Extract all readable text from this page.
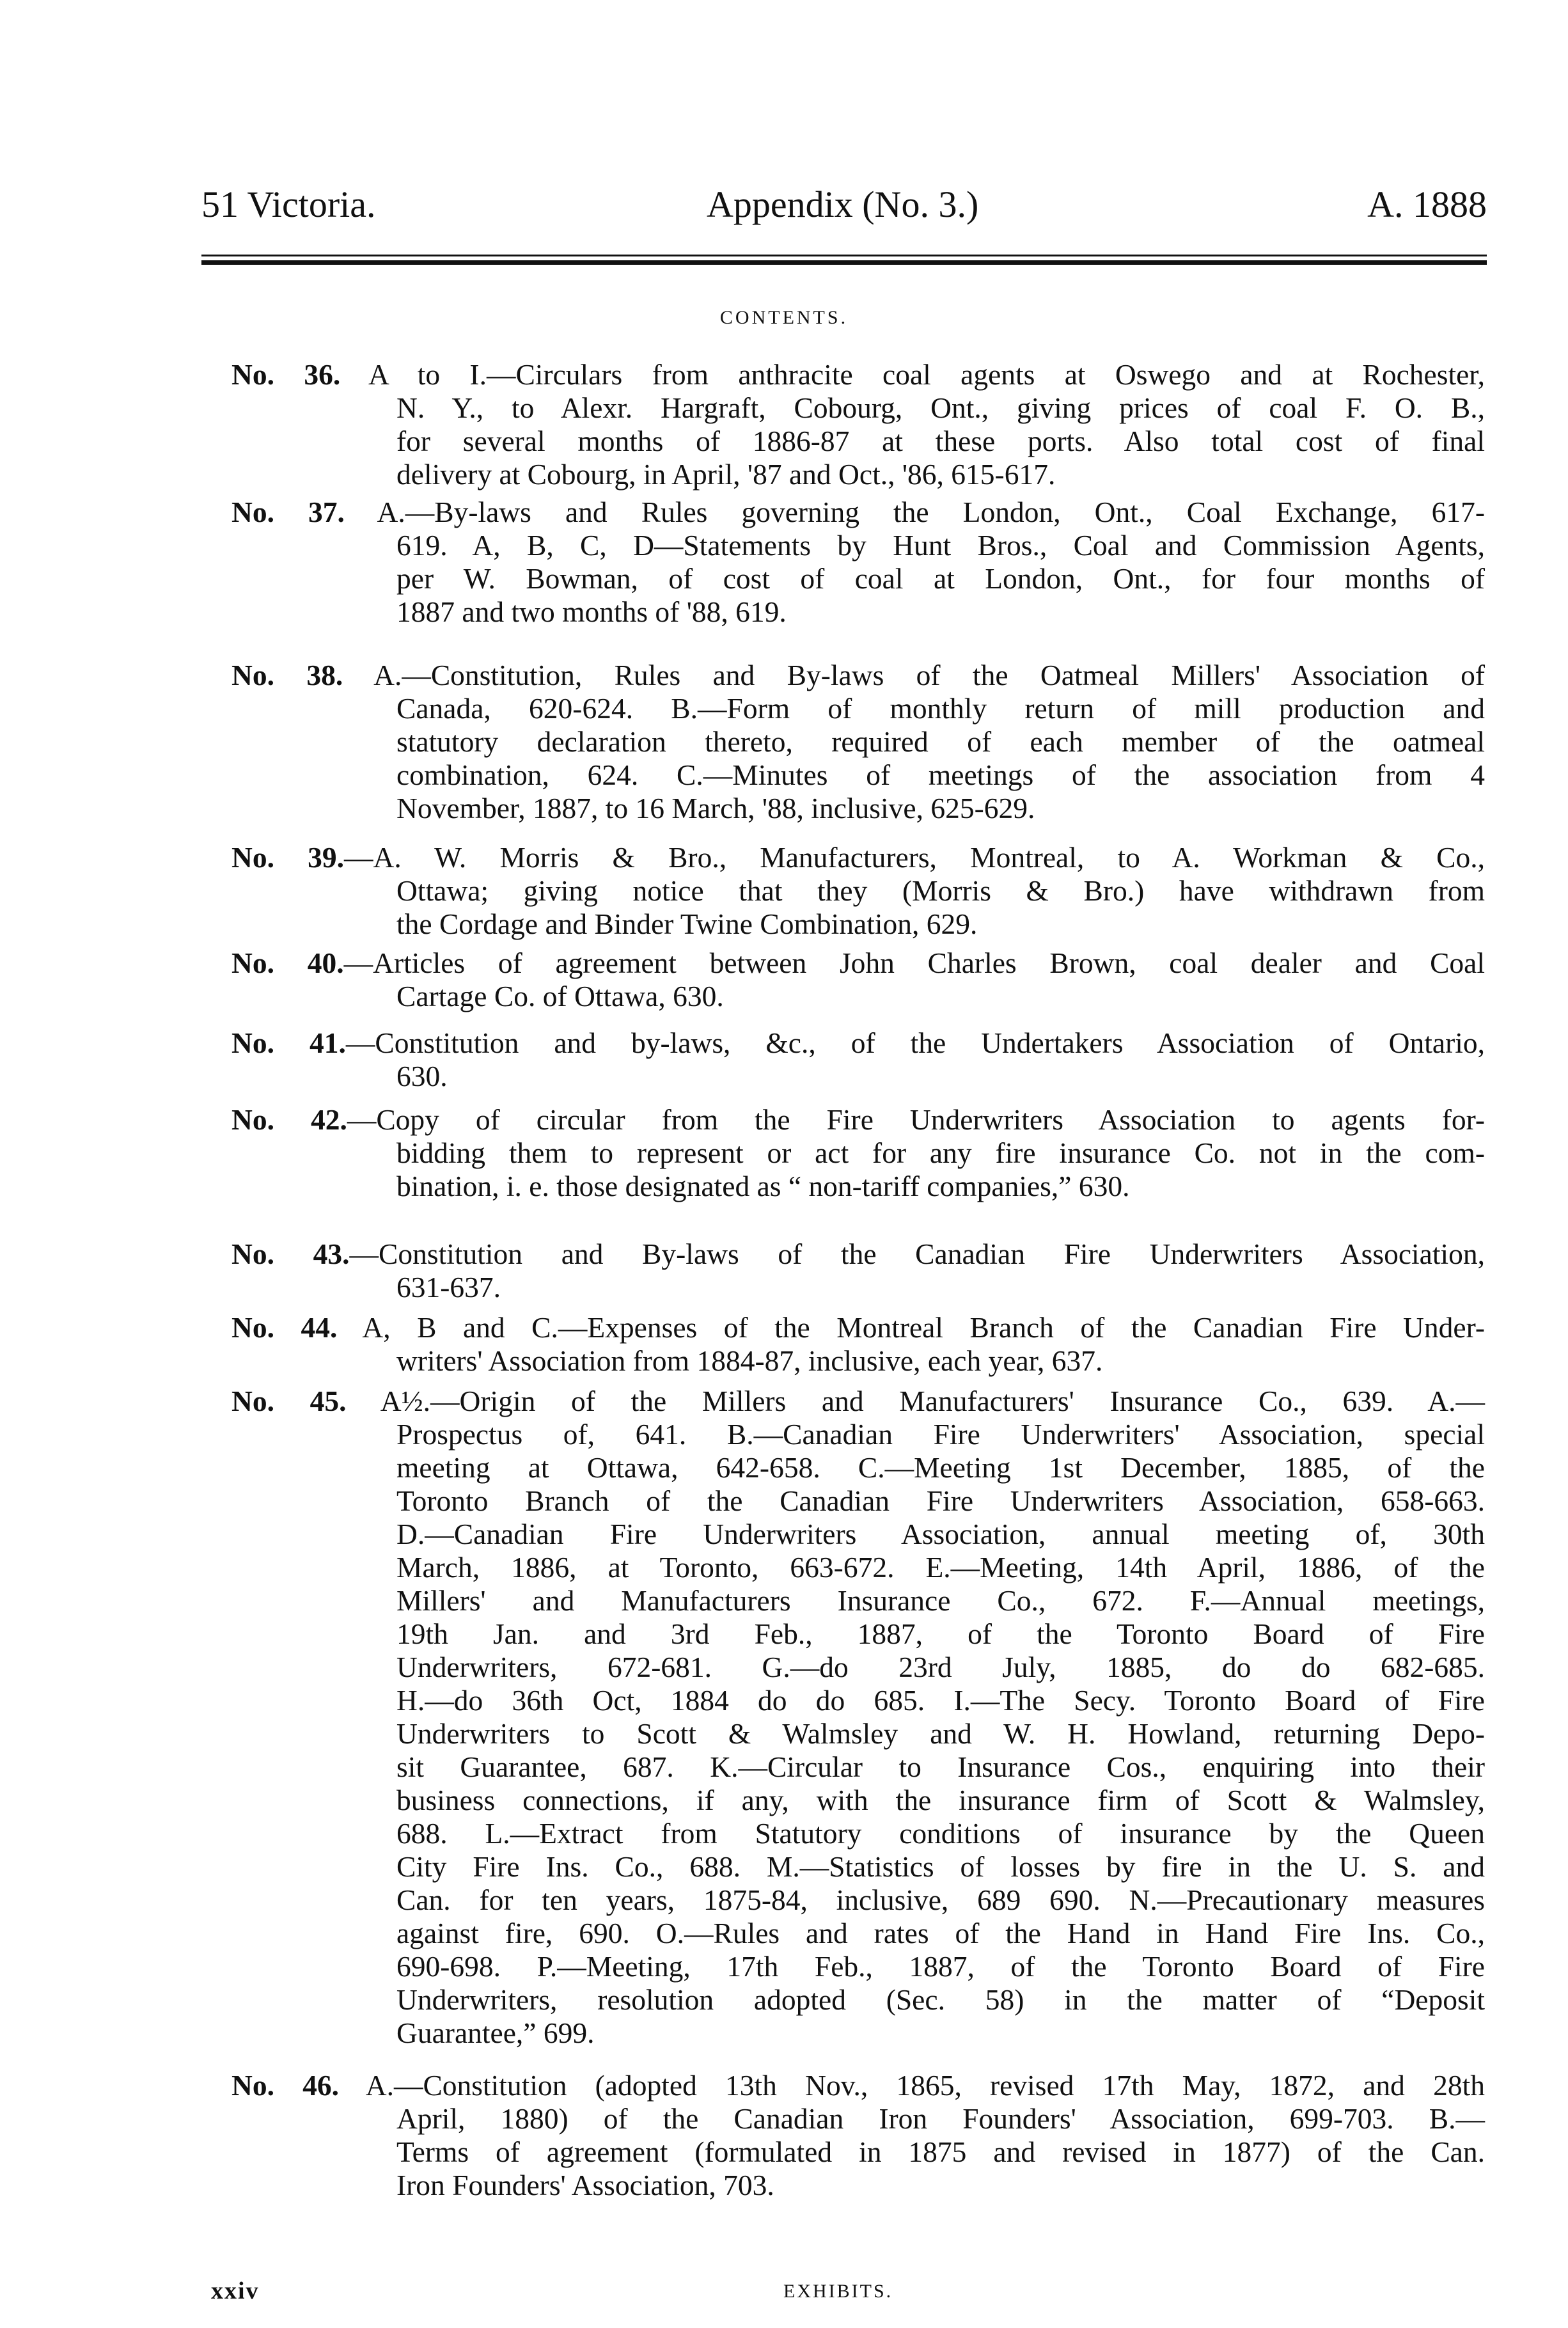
51 Victoria.	Appendix (No. 3.)	A. 1888
CONTENTS.
No. 36. A to I.—Circulars from anthracite coal agents at Oswego and at Rochester,
N. Y., to Alexr. Hargraft, Cobourg, Ont., giving prices of coal F. O. B.,
for several months of 1886-87 at these ports. Also total cost of final
delivery at Cobourg, in April, '87 and Oct., '86, 615-617.
No. 37. A.—By-laws and Rules governing the London, Ont., Coal Exchange, 617-
619. A, B, C, D—Statements by Hunt Bros., Coal and Commission Agents,
per W. Bowman, of cost of coal at London, Ont., for four months of
1887 and two months of '88, 619.
No. 38. A.—Constitution, Rules and By-laws of the Oatmeal Millers' Association of
Canada, 620-624. B.—Form of monthly return of mill production and
statutory declaration thereto, required of each member of the oatmeal
combination, 624. C.—Minutes of meetings of the association from 4
November, 1887, to 16 March, '88, inclusive, 625-629.
No. 39.—A. W. Morris & Bro., Manufacturers, Montreal, to A. Workman & Co.,
Ottawa; giving notice that they (Morris & Bro.) have withdrawn from
the Cordage and Binder Twine Combination, 629.
No. 40.—Articles of agreement between John Charles Brown, coal dealer and Coal
Cartage Co. of Ottawa, 630.
No. 41.—Constitution and by-laws, &c., of the Undertakers Association of Ontario,
630.
No. 42.—Copy of circular from the Fire Underwriters Association to agents for-
bidding them to represent or act for any fire insurance Co. not in the com-
bination, i. e. those designated as “ non-tariff companies,” 630.
No. 43.—Constitution and By-laws of the Canadian Fire Underwriters Association,
631-637.
No. 44. A, B and C.—Expenses of the Montreal Branch of the Canadian Fire Under-
writers' Association from 1884-87, inclusive, each year, 637.
No. 45. A½.—Origin of the Millers and Manufacturers' Insurance Co., 639. A.—
Prospectus of, 641. B.—Canadian Fire Underwriters' Association, special
meeting at Ottawa, 642-658. C.—Meeting 1st December, 1885, of the
Toronto Branch of the Canadian Fire Underwriters Association, 658-663.
D.—Canadian Fire Underwriters Association, annual meeting of, 30th
March, 1886, at Toronto, 663-672. E.—Meeting, 14th April, 1886, of the
Millers' and Manufacturers Insurance Co., 672. F.—Annual meetings,
19th Jan. and 3rd Feb., 1887, of the Toronto Board of Fire
Underwriters, 672-681. G.—do 23rd July, 1885, do do 682-685.
H.—do 36th Oct, 1884 do do 685. I.—The Secy. Toronto Board of Fire
Underwriters to Scott & Walmsley and W. H. Howland, returning Depo-
sit Guarantee, 687. K.—Circular to Insurance Cos., enquiring into their
business connections, if any, with the insurance firm of Scott & Walmsley,
688. L.—Extract from Statutory conditions of insurance by the Queen
City Fire Ins. Co., 688. M.—Statistics of losses by fire in the U. S. and
Can. for ten years, 1875-84, inclusive, 689 690. N.—Precautionary measures
against fire, 690. O.—Rules and rates of the Hand in Hand Fire Ins. Co.,
690-698. P.—Meeting, 17th Feb., 1887, of the Toronto Board of Fire
Underwriters, resolution adopted (Sec. 58) in the matter of “Deposit
Guarantee,” 699.
No. 46. A.—Constitution (adopted 13th Nov., 1865, revised 17th May, 1872, and 28th
April, 1880) of the Canadian Iron Founders' Association, 699-703. B.—
Terms of agreement (formulated in 1875 and revised in 1877) of the Can.
Iron Founders' Association, 703.
xxiv	EXHIBITS.
